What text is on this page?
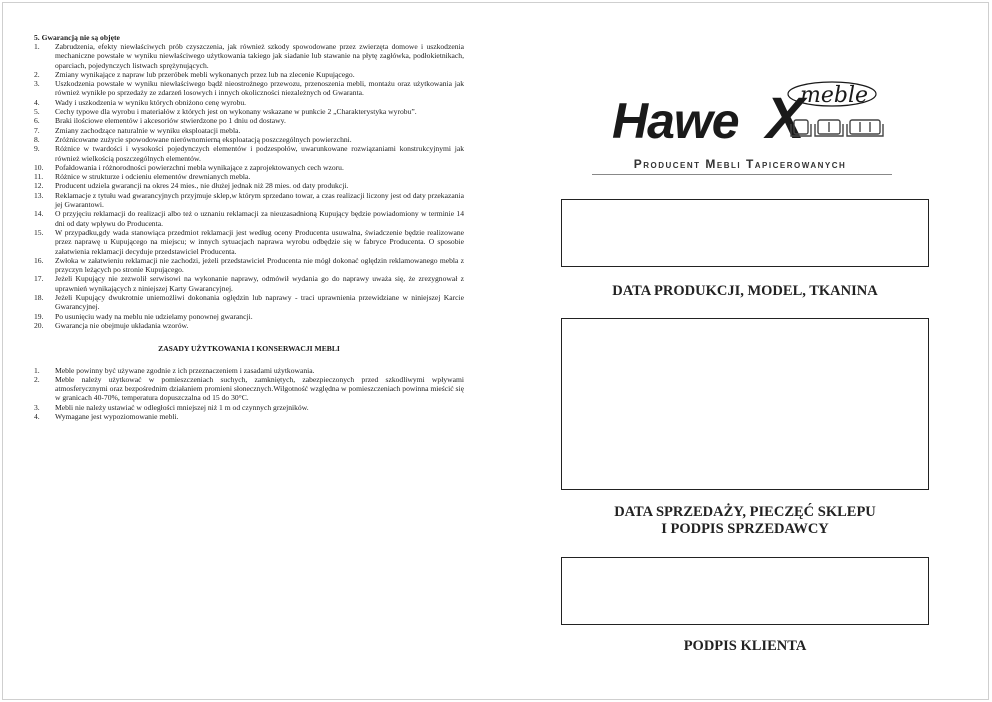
5. Gwarancją nie są objęte

1.	Zabrudzenia, efekty niewłaściwych prób czyszczenia, jak również szkody spowodowane przez zwierzęta domowe i uszkodzenia mechaniczne powstałe w wyniku niewłaściwego użytkowania takiego jak siadanie lub stawanie na płytę zagłówka, podłokietnikach, oparciach, pojedynczych listwach sprężynujących.
2.	Zmiany wynikające z napraw lub przeróbek mebli wykonanych przez lub na zlecenie Kupującego.
3.	Uszkodzenia powstałe w wyniku niewłaściwego bądź nieostrożnego przewozu, przenoszenia mebli, montażu oraz użytkowania jak również wynikłe po sprzedaży ze zdarzeń losowych i innych okoliczności niezależnych od Gwaranta.
4.	Wady i uszkodzenia w wyniku których obniżono cenę wyrobu.
5.	Cechy typowe dla wyrobu i materiałów z których jest on wykonany wskazane w punkcie 2 „Charakterystyka wyrobu”.
6.	Braki ilościowe elementów i akcesoriów stwierdzone po 1 dniu od dostawy.
7.	Zmiany zachodzące naturalnie w wyniku eksploatacji mebla.
8.	Zróżnicowane zużycie spowodowane nierównomierną eksploatacją poszczególnych powierzchni.
9.	Różnice w twardości i wysokości pojedynczych elementów i podzespołów, uwarunkowane rozwiązaniami konstrukcyjnymi jak również wielkością poszczególnych elementów.
10.	Pofałdowania i różnorodności powierzchni mebla wynikające z zaprojektowanych cech wzoru.
11.	Różnice w strukturze i odcieniu elementów drewnianych mebla.
12.	Producent udziela gwarancji na okres 24 mies., nie dłużej jednak niż 28 mies. od daty produkcji.
13.	Reklamacje z tytułu wad gwarancyjnych przyjmuje sklep,w którym sprzedano towar, a czas realizacji liczony jest od daty przekazania jej Gwarantowi.
14.	O przyjęciu reklamacji do realizacji albo też o uznaniu reklamacji za nieuzasadnioną Kupujący będzie powiadomiony w terminie 14 dni od daty wpływu do Producenta.
15.	W przypadku,gdy wada stanowiąca przedmiot reklamacji jest według oceny Producenta usuwalna, świadczenie będzie realizowane przez naprawę u Kupującego na miejscu; w innych sytuacjach naprawa wyrobu odbędzie się w fabryce Producenta. O sposobie załatwienia reklamacji decyduje przedstawiciel Producenta.
16.	Zwłoka w załatwieniu reklamacji nie zachodzi, jeżeli przedstawiciel Producenta nie mógł dokonać oględzin reklamowanego mebla z przyczyn leżących po stronie Kupującego.
17.	Jeżeli Kupujący nie zezwolił serwisowi na wykonanie naprawy, odmówił wydania go do naprawy uważa się, że zrezygnował z uprawnień wynikających z niniejszej Karty Gwarancyjnej.
18.	Jeżeli Kupujący dwukrotnie uniemożliwi dokonania oględzin lub naprawy - traci uprawnienia przewidziane w niniejszej Karcie Gwarancyjnej.
19.	Po usunięciu wady na meblu nie udzielamy ponownej gwarancji.
20.	Gwarancja nie obejmuje układania wzorów.
ZASADY UŻYTKOWANIA I KONSERWACJI MEBLI
1.	Meble powinny być używane zgodnie z ich przeznaczeniem i zasadami użytkowania.
2.	Meble należy użytkować w pomieszczeniach suchych, zamkniętych, zabezpieczonych przed szkodliwymi wpływami atmosferycznymi oraz bezpośrednim działaniem promieni słonecznych.Wilgotność względna w pomieszczeniach powinna mieścić się w granicach 40-70%, temperatura dopuszczalna od 15 do 30°C.
3.	Mebli nie należy ustawiać w odległości mniejszej niż 1 m od czynnych grzejników.
4.	Wymagane jest wypoziomowanie mebli.
Hawe X
meble
Producent Mebli Tapicerowanych
DATA PRODUKCJI, MODEL, TKANINA
DATA SPRZEDAŻY, PIECZĘĆ SKLEPU
I PODPIS SPRZEDAWCY
PODPIS KLIENTA
